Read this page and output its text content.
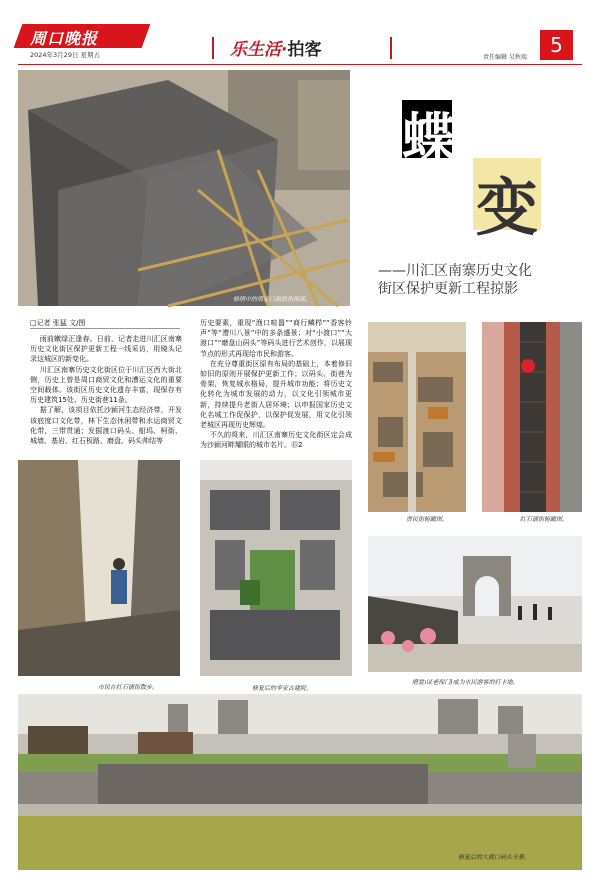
周口晚报
2024年3月29日 星期五	乐生活·拍客	责任编辑 吴秋瑞
5
修缮中的周家口航政指挥部。
蝶
变
——川汇区南寨历史文化
街区保护更新工程掠影
□记者 张猛 文/图

雨前嫩绿正逢春。日前，记者走进川汇区南寨历史文化街区保护更新工程一线采访，用镜头记录这城区的新变化。

川汇区南寨历史文化街区位于川汇区西大街北侧，历史上曾是周口商贸文化和漕运文化的重要空间载体。该街区历史文化遗存丰富，现保存有历史建筑15处、历史街巷11条。

据了解，该项目依托沙颍河生态经济带，开发该底度口文化带，林下生态休闲带和水运商贸文化带，三带贯通；发掘渡口码头、船坞、柯街、城墙、基岩、红石板路、磨盘、码头帅结等

历史要素，重现“渔口喧嚣”“商行鳞栉”“香客铃声”等“漕川八景”中的多条盛景；对“小渡口”“大渡口”“磨盘山码头”等码头进行艺术创作，以展现节点的形式再现给市民和游客。

在充分尊重街区原有布局的基础上，本着修旧如旧的原则开展保护更新工作；以码头、街巷为骨架，恢复城水格局，提升城市功能；将历史文化转化为城市发展的动力，以文化引领城市更新，持续提升老街人居环境；以申报国家历史文化名城工作促保护，以保护促发展，用文化引领老城区再现历史辉煌。

不久的将来，川汇区南寨历史文化街区定会成为沙颍河畔耀眼的城市名片。⑮2

贾民街俯瞰图。	红石铺街俯瞰图。
市民在红石铺街散步。	修复后的李家古建院。
磨盘山(老保门)成为市民游客的打卡地。
修复后的大渡口码头全景。
